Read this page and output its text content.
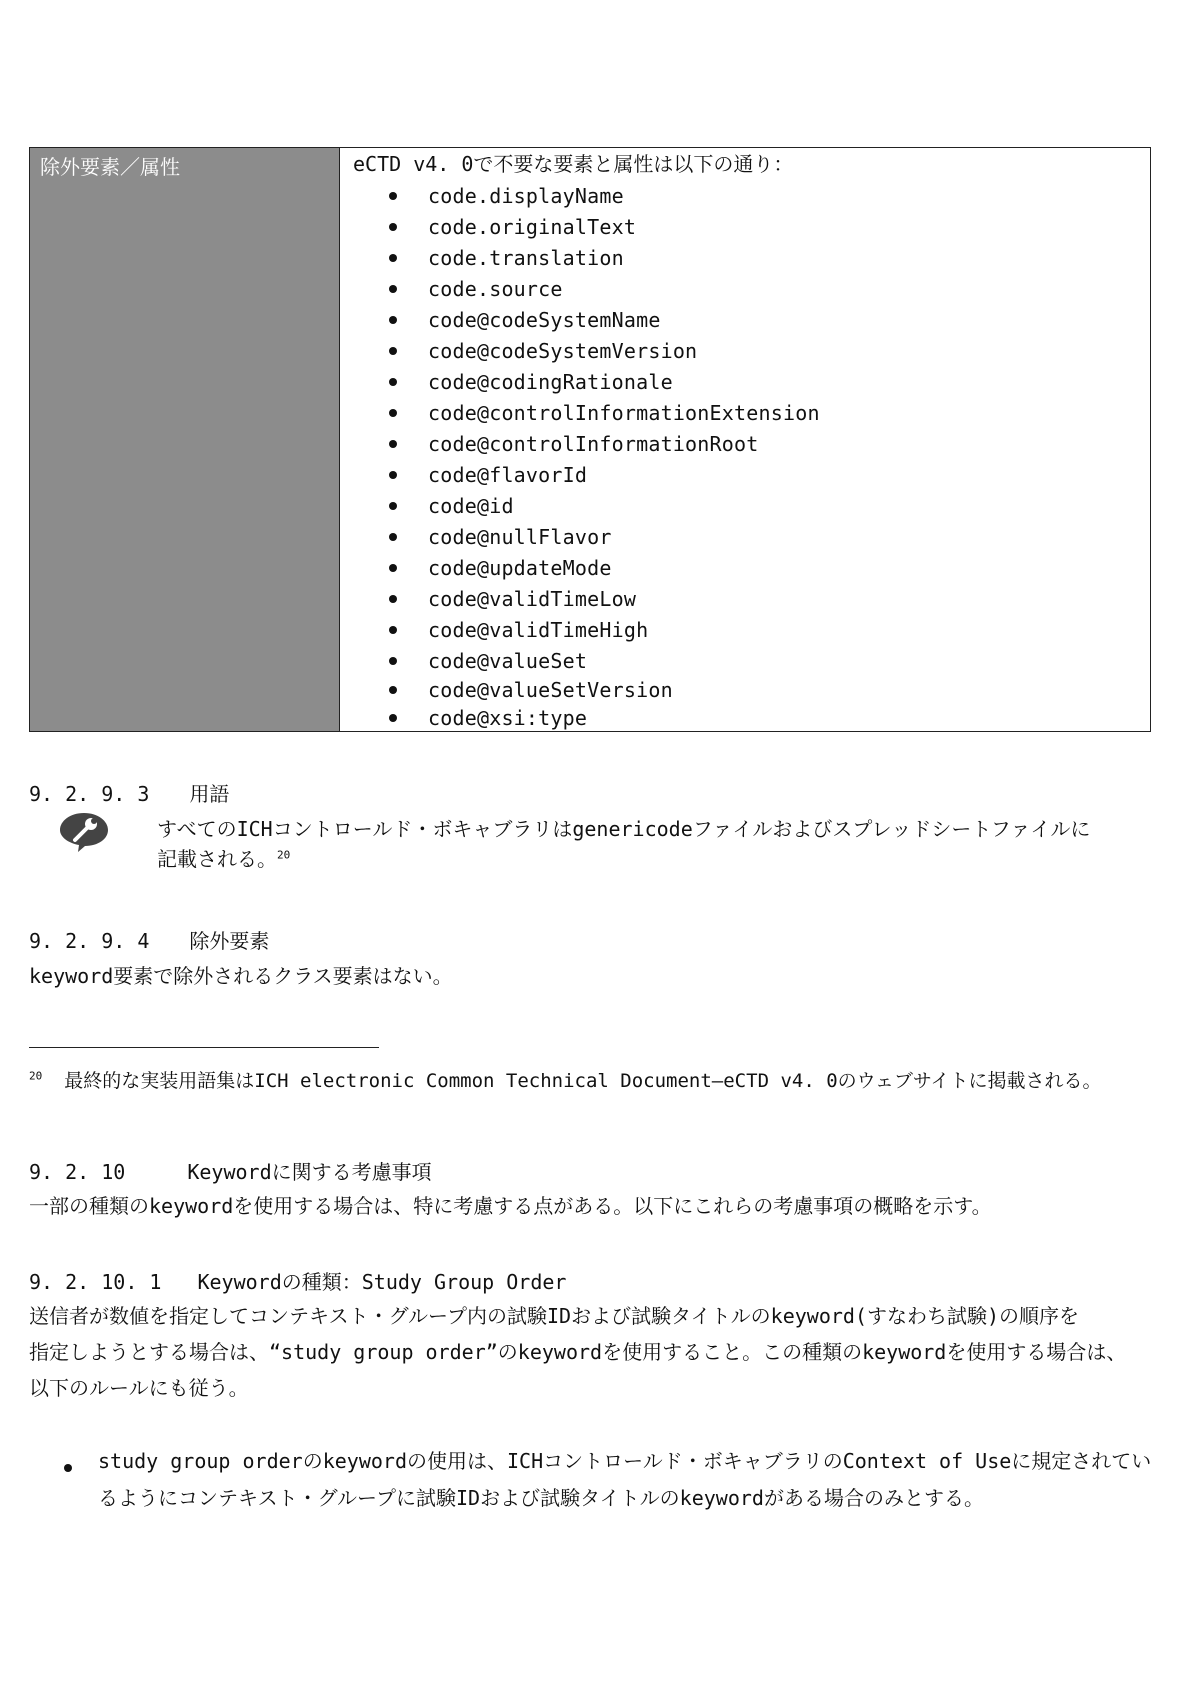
除外要素／属性	eCTD v4. 0で不要な要素と属性は以下の通り：
code.displayName
code.originalText
code.translation
code.source
code@codeSystemName
code@codeSystemVersion
code@codingRationale
code@controlInformationExtension
code@controlInformationRoot
code@flavorId
code@id
code@nullFlavor
code@updateMode
code@validTimeLow
code@validTimeHigh
code@valueSet
code@valueSetVersion
code@xsi:type
9. 2. 9. 3 用語
すべてのICHコントロールド・ボキャブラリはgenericodeファイルおよびスプレッドシートファイルに
記載される。$^{20}$
9. 2. 9. 4 除外要素
keyword要素で除外されるクラス要素はない。
$^{20}$ 最終的な実装用語集はICH electronic Common Technical Document―eCTD v4. 0のウェブサイトに掲載される。
9. 2. 10	Keywordに関する考慮事項
一部の種類のkeywordを使用する場合は、特に考慮する点がある。以下にこれらの考慮事項の概略を示す。
9. 2. 10. 1 Keywordの種類：Study Group Order
送信者が数値を指定してコンテキスト・グループ内の試験IDおよび試験タイトルのkeyword(すなわち試験)の順序を
指定しようとする場合は、“study group order”のkeywordを使用すること。この種類のkeywordを使用する場合は、
以下のルールにも従う。
study group orderのkeywordの使用は、ICHコントロールド・ボキャブラリのContext of Useに規定されてい
るようにコンテキスト・グループに試験IDおよび試験タイトルのkeywordがある場合のみとする。
